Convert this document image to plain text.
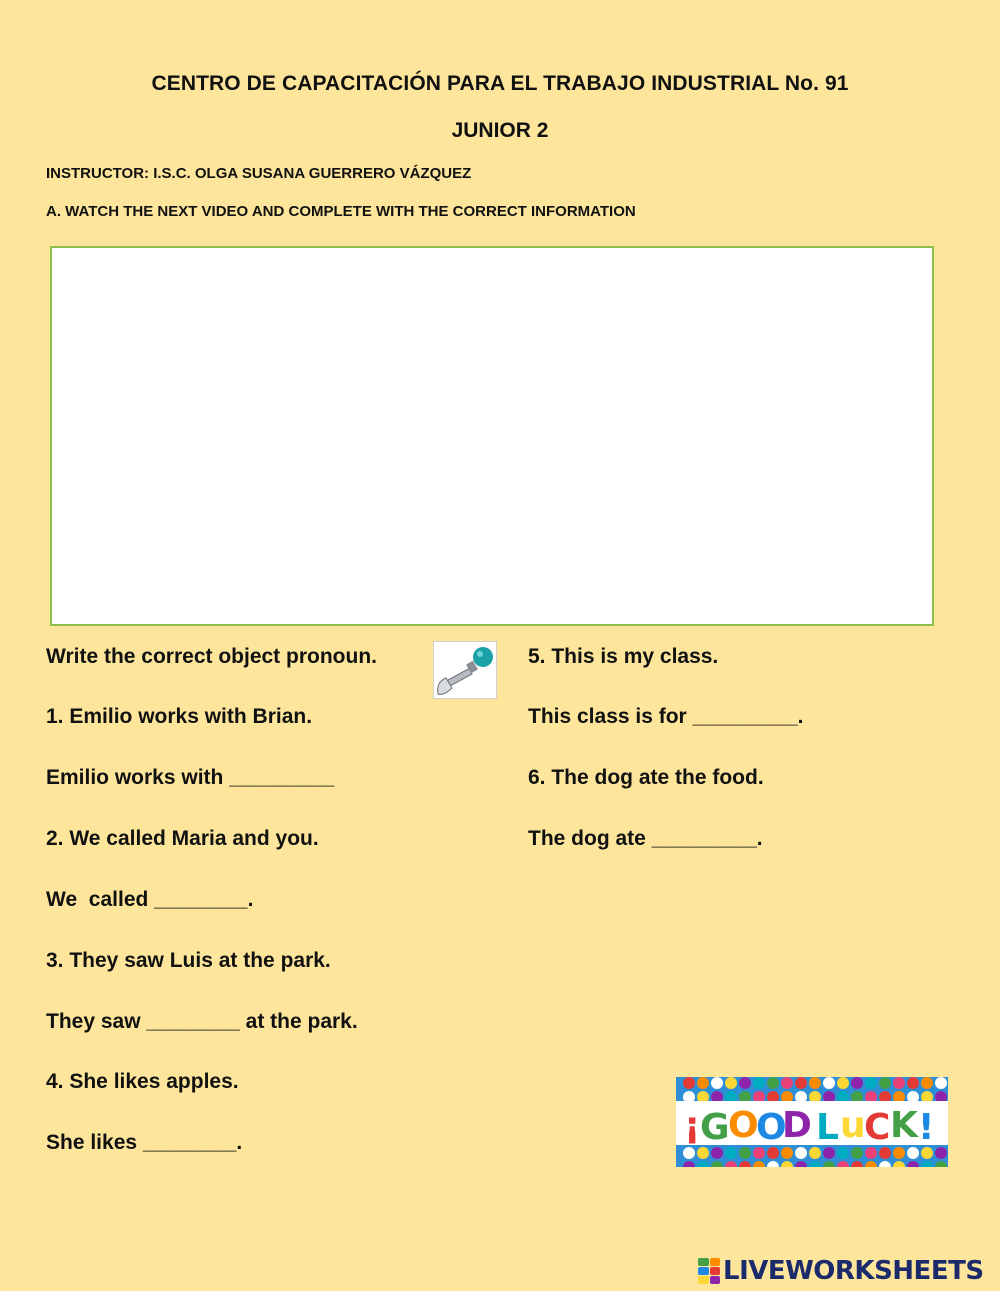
CENTRO DE CAPACITACIÓN PARA EL TRABAJO INDUSTRIAL No. 91
JUNIOR 2
INSTRUCTOR: I.S.C. OLGA SUSANA GUERRERO VÁZQUEZ
A. WATCH THE NEXT VIDEO AND COMPLETE WITH THE CORRECT INFORMATION
Write the correct object pronoun.
1. Emilio works with Brian.
Emilio works with _________
2. We called Maria and you.
We  called ________.
3. They saw Luis at the park.
They saw ________ at the park.
4. She likes apples.
She likes ________.
5. This is my class.
This class is for _________.
6. The dog ate the food.
The dog ate _________.
¡ G
O
O
D L u
C K !
LIVEWORKSHEETS
